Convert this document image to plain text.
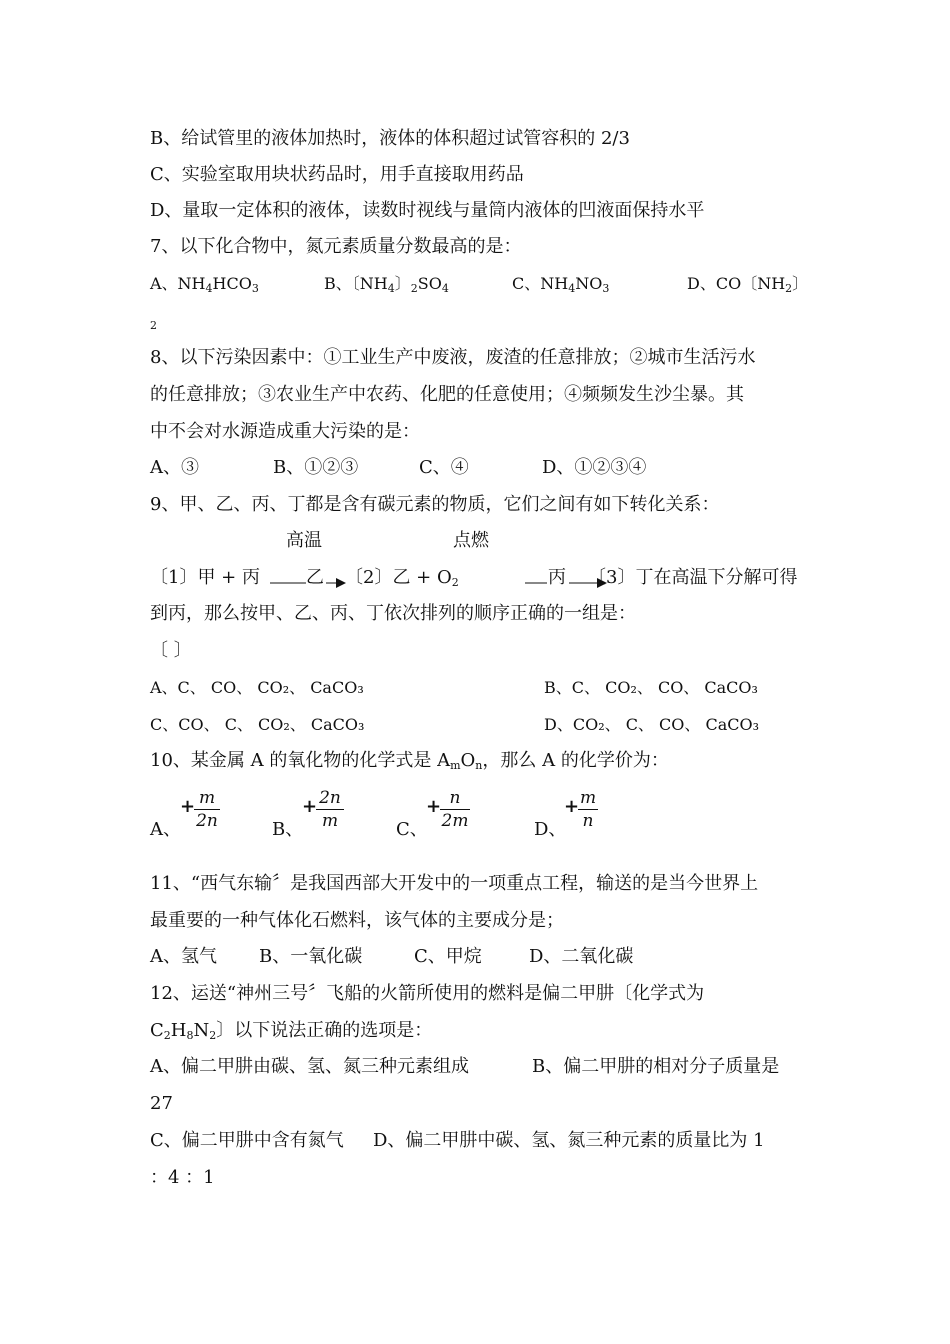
B、给试管里的液体加热时，液体的体积超过试管容积的 2/3
C、实验室取用块状药品时，用手直接取用药品
D、量取一定体积的液体，读数时视线与量筒内液体的凹液面保持水平
7、以下化合物中，氮元素质量分数最高的是：
A、$NH_4HCO_3$	B、〔$NH_4$〕$_2SO_4$	C、$NH_4NO_3$	D、CO〔$NH_2$〕
2
8、以下污染因素中：①工业生产中废液，废渣的任意排放；②城市生活污水
的任意排放；③农业生产中农药、化肥的任意使用；④频频发生沙尘暴。其
中不会对水源造成重大污染的是：
A、③	B、①②③	C、④	D、①②③④
9、甲、乙、丙、丁都是含有碳元素的物质，它们之间有如下转化关系：
高温	点燃
〔1〕甲 + 丙	乙 〔2〕乙 + $O_2$	丙 〔3〕丁在高温下分解可得
到丙，那么按甲、乙、丙、丁依次排列的顺序正确的一组是：
〔 〕
A、C、 CO、 CO₂、 CaCO₃	B、C、 CO₂、 CO、 CaCO₃
C、CO、 C、 CO₂、 CaCO₃	D、CO₂、 C、 CO、 CaCO₃
10、某金属 A 的氧化物的化学式是 $A_mO_n$，那么 A 的化学价为：
A、
+ m
2n	B、
+ 2n
m	C、
+ n
2m	D、
+ m
n
11、“西气东输〞是我国西部大开发中的一项重点工程，输送的是当今世界上
最重要的一种气体化石燃料，该气体的主要成分是；
A、氢气 B、一氧化碳	C、甲烷	D、二氧化碳
12、运送“神州三号〞飞船的火箭所使用的燃料是偏二甲肼〔化学式为
$C_2H_8N_2$〕以下说法正确的选项是：
A、偏二甲肼由碳、氢、氮三种元素组成	B、偏二甲肼的相对分子质量是
27
C、偏二甲肼中含有氮气 D、偏二甲肼中碳、氢、氮三种元素的质量比为 1
：4 ：1
